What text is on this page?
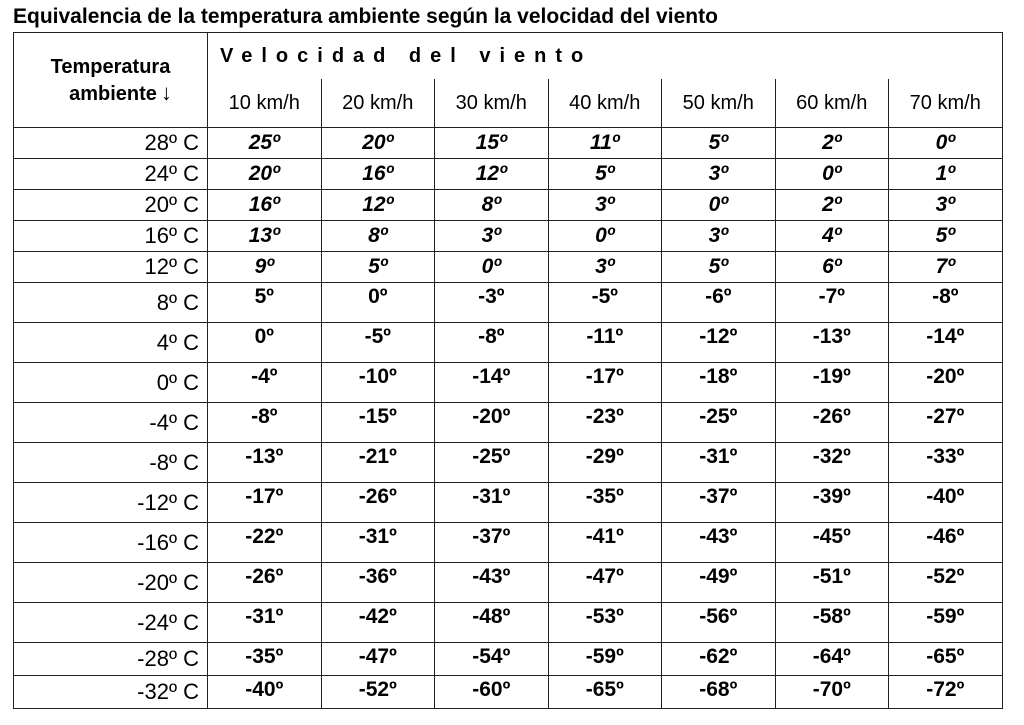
Equivalencia de la temperatura ambiente según la velocidad del viento
Temperatura
ambiente ↓	Velocidad del viento						
	10 km/h	20 km/h	30 km/h	40 km/h	50 km/h	60 km/h	70 km/h
28º C	25º	20º	15º	11º	5º	2º	0º
24º C	20º	16º	12º	5º	3º	0º	1º
20º C	16º	12º	8º	3º	0º	2º	3º
16º C	13º	8º	3º	0º	3º	4º	5º
12º C	9º	5º	0º	3º	5º	6º	7º
8º C	5º	0º	-3º	-5º	-6º	-7º	-8º
4º C	0º	-5º	-8º	-11º	-12º	-13º	-14º
0º C	-4º	-10º	-14º	-17º	-18º	-19º	-20º
-4º C	-8º	-15º	-20º	-23º	-25º	-26º	-27º
-8º C	-13º	-21º	-25º	-29º	-31º	-32º	-33º
-12º C	-17º	-26º	-31º	-35º	-37º	-39º	-40º
-16º C	-22º	-31º	-37º	-41º	-43º	-45º	-46º
-20º C	-26º	-36º	-43º	-47º	-49º	-51º	-52º
-24º C	-31º	-42º	-48º	-53º	-56º	-58º	-59º
-28º C	-35º	-47º	-54º	-59º	-62º	-64º	-65º
-32º C	-40º	-52º	-60º	-65º	-68º	-70º	-72º
